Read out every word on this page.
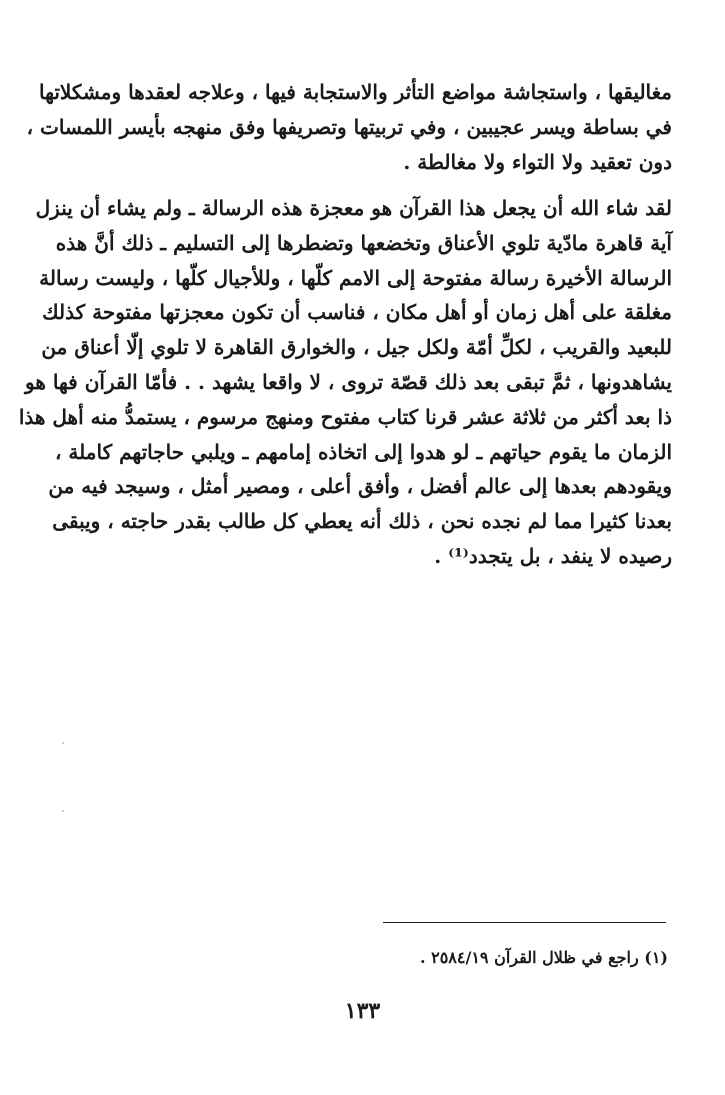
مغاليقها ، واستجاشة مواضع التأثر والاستجابة فيها ، وعلاجه لعقدها ومشكلاتها
في بساطة ويسر عجيبين ، وفي تربيتها وتصريفها وفق منهجه بأيسر اللمسات ،
دون تعقيد ولا التواء ولا مغالطة .

لقد شاء الله أن يجعل هذا القرآن هو معجزة هذه الرسالة ـ ولم يشاء أن ينزل
آية قاهرة مادّية تلوي الأعناق وتخضعها وتضطرها إلى التسليم ـ ذلك أنَّ هذه
الرسالة الأخيرة رسالة مفتوحة إلى الامم كلّها ، وللأجيال كلّها ، وليست رسالة
مغلقة على أهل زمان أو أهل مكان ، فناسب أن تكون معجزتها مفتوحة كذلك
للبعيد والقريب ، لكلِّ أمّة ولكل جيل ، والخوارق القاهرة لا تلوي إلّا أعناق من
يشاهدونها ، ثمَّ تبقى بعد ذلك قصّة تروى ، لا واقعا يشهد . . فأمّا القرآن فها هو
ذا بعد أكثر من ثلاثة عشر قرنا كتاب مفتوح ومنهج مرسوم ، يستمدُّ منه أهل هذا
الزمان ما يقوم حياتهم ـ لو هدوا إلى اتخاذه إمامهم ـ ويلبي حاجاتهم كاملة ،
ويقودهم بعدها إلى عالم أفضل ، وأفق أعلى ، ومصير أمثل ، وسيجد فيه من
بعدنا كثيرا مما لم نجده نحن ، ذلك أنه يعطي كل طالب بقدر حاجته ، ويبقى
رصيده لا ينفد ، بل يتجدد⁽¹⁾ .

(١) راجع في ظلال القرآن ٢٥٨٤/١٩ .

١٣٣
